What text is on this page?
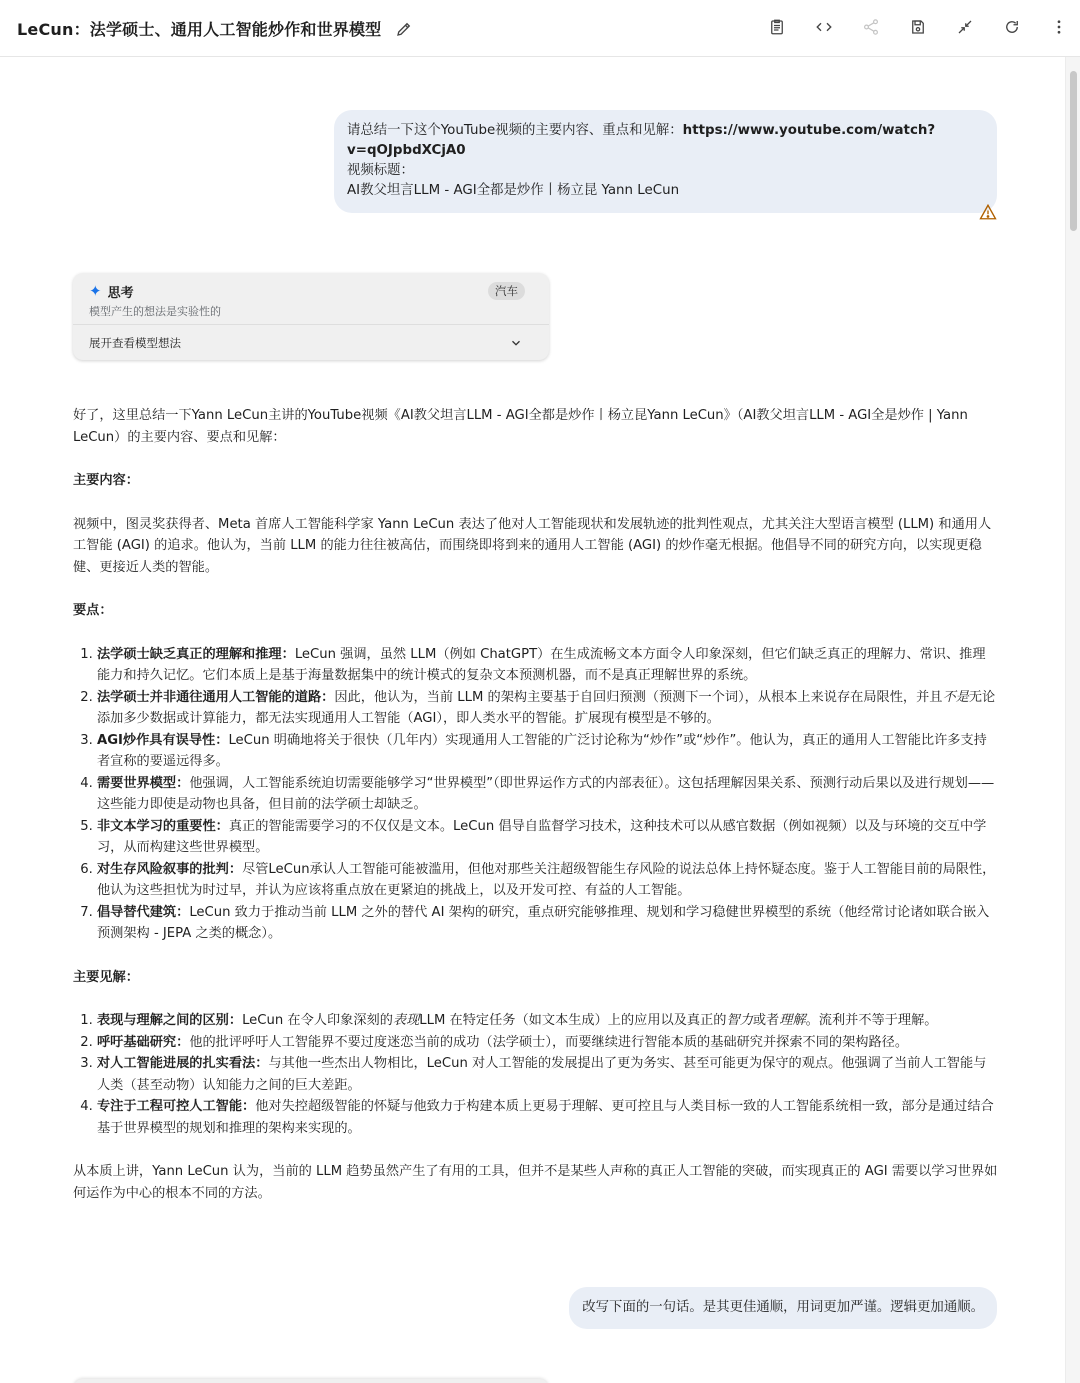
LeCun：法学硕士、通用人工智能炒作和世界模型
请总结一下这个YouTube视频的主要内容、重点和见解：https://www.youtube.com/watch?v=qOJpbdXCjA0
视频标题：
AI教父坦言LLM - AGI全都是炒作丨杨立昆 Yann LeCun
✦ 思考
模型产生的想法是实验性的
汽车
展开查看模型想法

好了，这里总结一下Yann LeCun主讲的YouTube视频《AI教父坦言LLM - AGI全都是炒作丨杨立昆Yann LeCun》（AI教父坦言LLM - AGI全是炒作 | Yann LeCun）的主要内容、要点和见解：

主要内容：

视频中，图灵奖获得者、Meta 首席人工智能科学家 Yann LeCun 表达了他对人工智能现状和发展轨迹的批判性观点，尤其关注大型语言模型 (LLM) 和通用人工智能 (AGI) 的追求。他认为，当前 LLM 的能力往往被高估，而围绕即将到来的通用人工智能 (AGI) 的炒作毫无根据。他倡导不同的研究方向，以实现更稳健、更接近人类的智能。

要点：

1. 法学硕士缺乏真正的理解和推理：LeCun 强调，虽然 LLM（例如 ChatGPT）在生成流畅文本方面令人印象深刻，但它们缺乏真正的理解力、常识、推理能力和持久记忆。它们本质上是基于海量数据集中的统计模式的复杂文本预测机器，而不是真正理解世界的系统。
2. 法学硕士并非通往通用人工智能的道路：因此，他认为，当前 LLM 的架构主要基于自回归预测（预测下一个词），从根本上来说存在局限性，并且不是无论添加多少数据或计算能力，都无法实现通用人工智能（AGI），即人类水平的智能。扩展现有模型是不够的。
3. AGI炒作具有误导性：LeCun 明确地将关于很快（几年内）实现通用人工智能的广泛讨论称为“炒作”或“炒作”。他认为，真正的通用人工智能比许多支持者宣称的要遥远得多。
4. 需要世界模型：他强调，人工智能系统迫切需要能够学习“世界模型”（即世界运作方式的内部表征）。这包括理解因果关系、预测行动后果以及进行规划——这些能力即使是动物也具备，但目前的法学硕士却缺乏。
5. 非文本学习的重要性：真正的智能需要学习的不仅仅是文本。LeCun 倡导自监督学习技术，这种技术可以从感官数据（例如视频）以及与环境的交互中学习，从而构建这些世界模型。
6. 对生存风险叙事的批判：尽管LeCun承认人工智能可能被滥用，但他对那些关注超级智能生存风险的说法总体上持怀疑态度。鉴于人工智能目前的局限性，他认为这些担忧为时过早，并认为应该将重点放在更紧迫的挑战上，以及开发可控、有益的人工智能。
7. 倡导替代建筑：LeCun 致力于推动当前 LLM 之外的替代 AI 架构的研究，重点研究能够推理、规划和学习稳健世界模型的系统（他经常讨论诸如联合嵌入预测架构 - JEPA 之类的概念）。

主要见解：

1. 表现与理解之间的区别：LeCun 在令人印象深刻的表现LLM 在特定任务（如文本生成）上的应用以及真正的智力或者理解。流利并不等于理解。
2. 呼吁基础研究：他的批评呼吁人工智能界不要过度迷恋当前的成功（法学硕士），而要继续进行智能本质的基础研究并探索不同的架构路径。
3. 对人工智能进展的扎实看法：与其他一些杰出人物相比，LeCun 对人工智能的发展提出了更为务实、甚至可能更为保守的观点。他强调了当前人工智能与人类（甚至动物）认知能力之间的巨大差距。
4. 专注于工程可控人工智能：他对失控超级智能的怀疑与他致力于构建本质上更易于理解、更可控且与人类目标一致的人工智能系统相一致，部分是通过结合基于世界模型的规划和推理的架构来实现的。

从本质上讲，Yann LeCun 认为，当前的 LLM 趋势虽然产生了有用的工具，但并不是某些人声称的真正人工智能的突破，而实现真正的 AGI 需要以学习世界如何运作为中心的根本不同的方法。

改写下面的一句话。是其更佳通顺，用词更加严谨。逻辑更加通顺。
